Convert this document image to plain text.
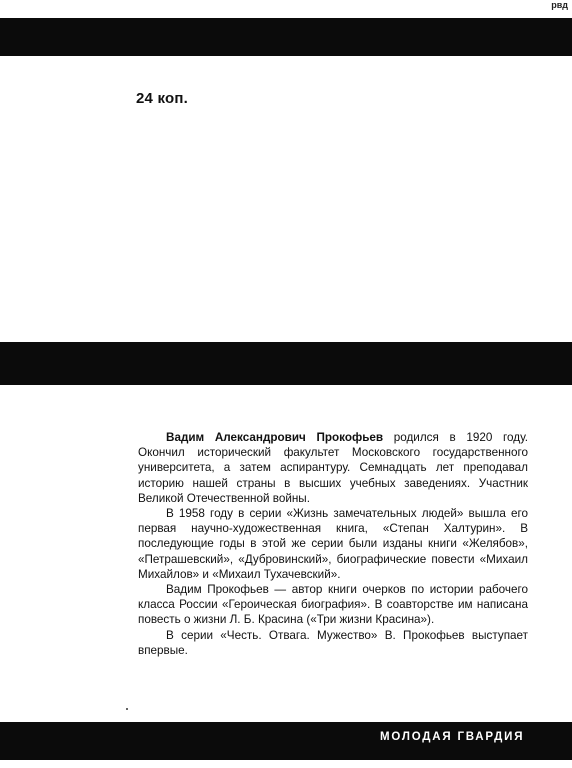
рвд
24 коп.

Вадим Александрович Прокофьев родился в 1920 году. Окончил исторический факультет Московского государственного университета, а затем аспирантуру. Семнадцать лет преподавал историю нашей страны в высших учебных заведениях. Участник Великой Отечественной войны.

В 1958 году в серии «Жизнь замечательных людей» вышла его первая научно-художественная книга, «Степан Халтурин». В последующие годы в этой же серии были изданы книги «Желябов», «Петрашевский», «Дубровинский», биографические повести «Михаил Михайлов» и «Михаил Тухачевский».

Вадим Прокофьев — автор книги очерков по истории рабочего класса России «Героическая биография». В соавторстве им написана повесть о жизни Л. Б. Красина («Три жизни Красина»).

В серии «Честь. Отвага. Мужество» В. Прокофьев выступает впервые.

МОЛОДАЯ ГВАРДИЯ
